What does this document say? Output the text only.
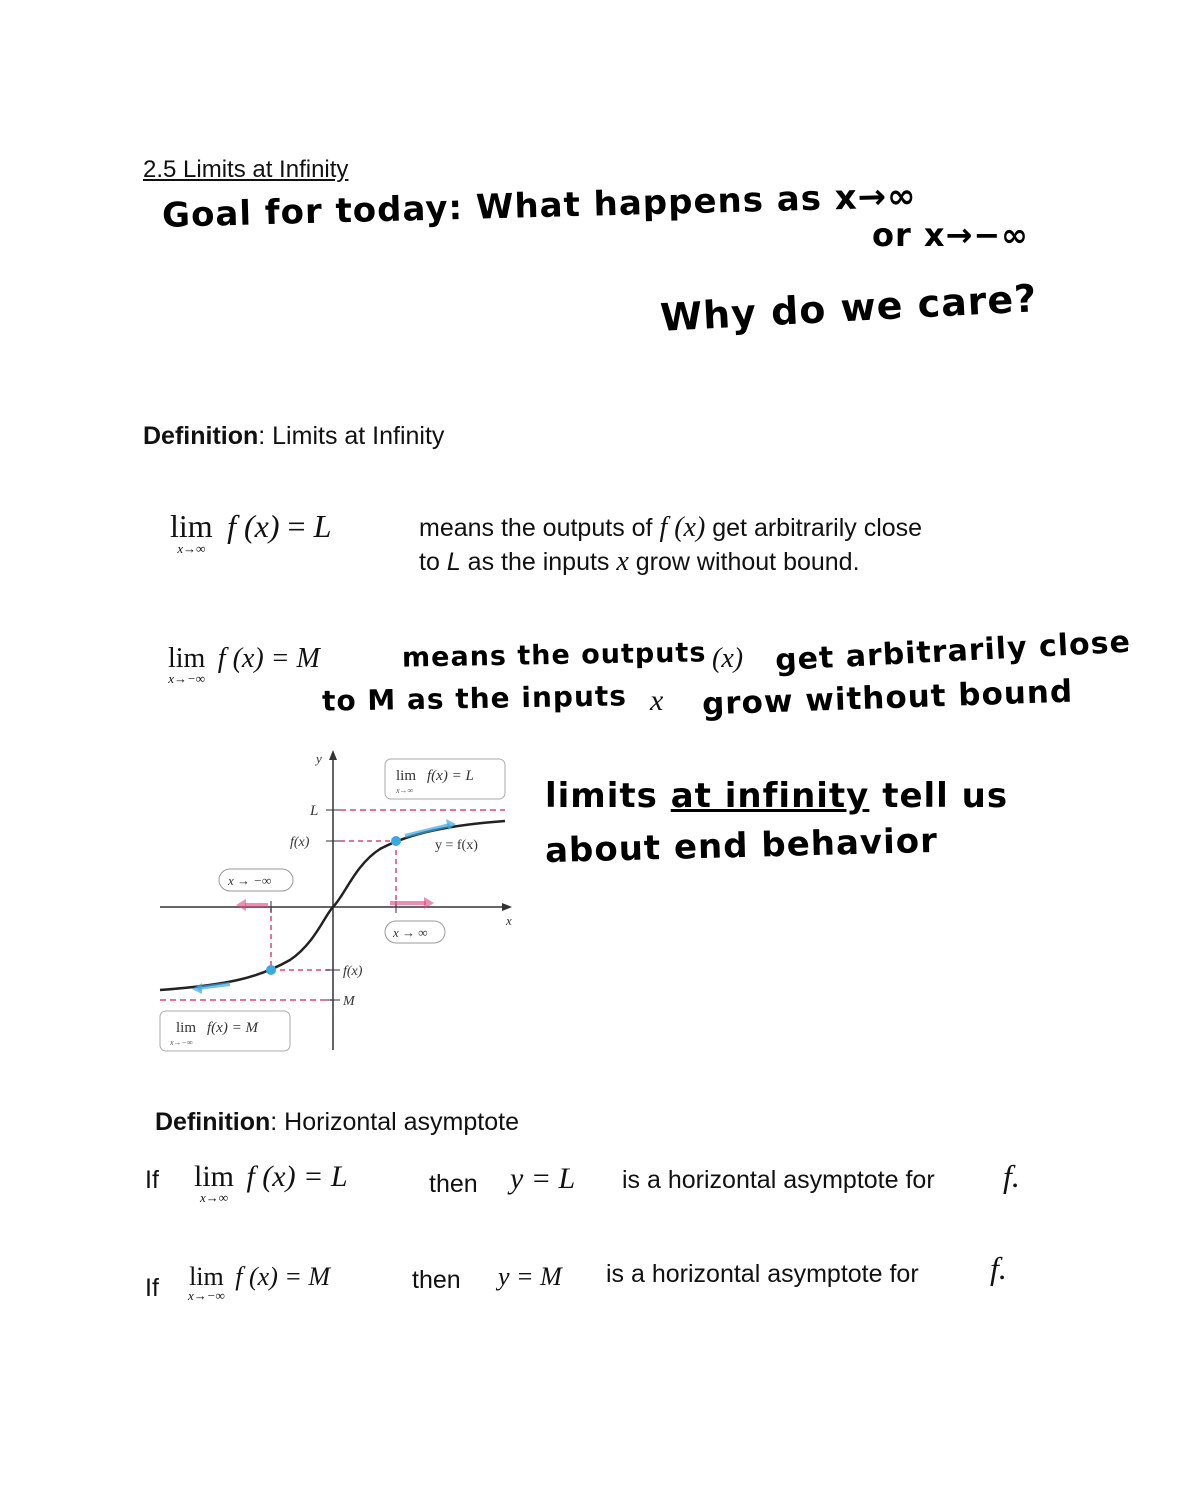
2.5 Limits at Infinity
Goal for today: What happens as x→∞
or x→−∞
Why do we care?
Definition: Limits at Infinity
lim
x→∞
f (x) = L	means the outputs of f (x) get arbitrarily close
to L as the inputs x grow without bound.
lim
x→−∞
f (x) = M	means the outputs (x) get arbitrarily close
to M as the inputs x grow without bound
limits at infinity tell us
about end behavior
y
x
L
f(x)
f(x)
M
y = f(x)
lim f(x) = L
x→∞
lim f(x) = M
x→−∞
x → −∞
x → ∞
Definition: Horizontal asymptote
If lim
x→∞
f (x) = L	then y = L is a horizontal asymptote for f.
If lim
x→−∞
f (x) = M	then y = M is a horizontal asymptote for f.
